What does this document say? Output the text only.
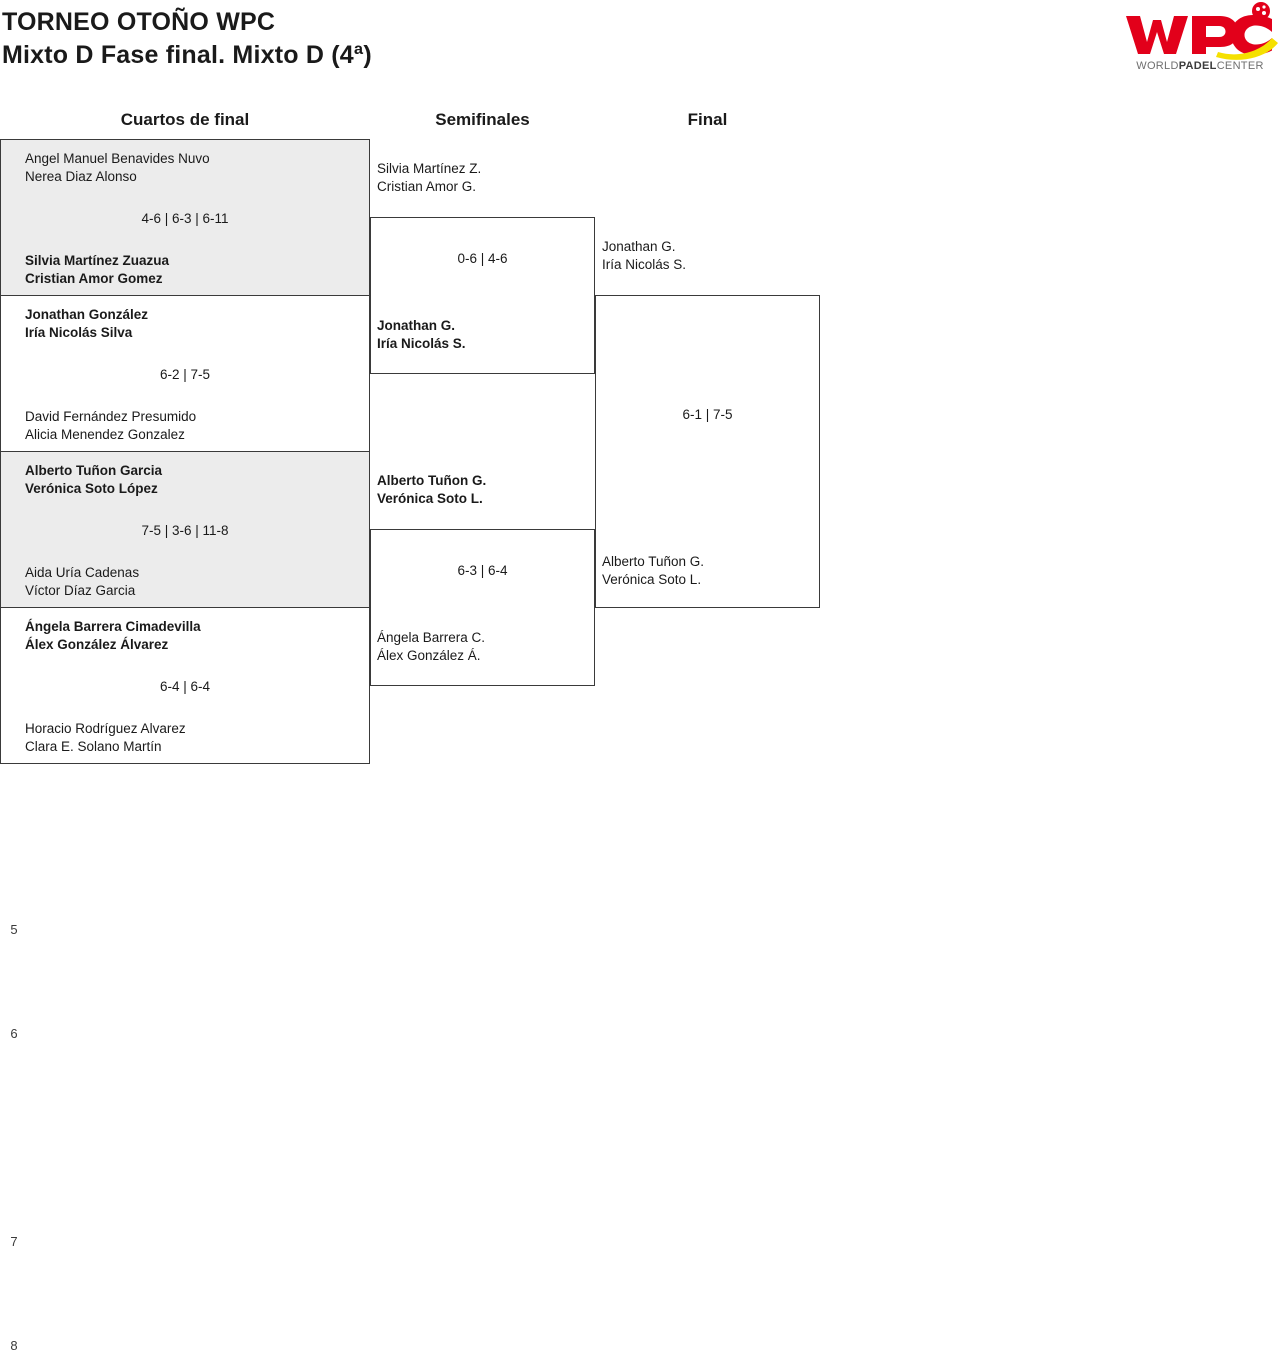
TORNEO OTOÑO WPC
Mixto D Fase final. Mixto D (4ª)	WORLDPADELCENTER
Cuartos de final	Semifinales	Final
Angel Manuel Benavides Nuvo
Nerea Diaz Alonso
4-6 | 6-3 | 6-11
Silvia Martínez Zuazua
Cristian Amor Gomez
Jonathan González
Iría Nicolás Silva
6-2 | 7-5
David Fernández Presumido
Alicia Menendez Gonzalez
5
Alberto Tuñon Garcia
Verónica Soto López
7-5 | 3-6 | 11-8
6
Aida Uría Cadenas
Víctor Díaz Garcia
7
Ángela Barrera Cimadevilla
Álex González Álvarez
6-4 | 6-4
8
Horacio Rodríguez Alvarez
Clara E. Solano Martín
Silvia Martínez Z.
Cristian Amor G.
0-6 | 4-6
Jonathan G.
Iría Nicolás S.
Alberto Tuñon G.
Verónica Soto L.
6-3 | 6-4
Ángela Barrera C.
Álex González Á.
Jonathan G.
Iría Nicolás S.
6-1 | 7-5
Alberto Tuñon G.
Verónica Soto L.
